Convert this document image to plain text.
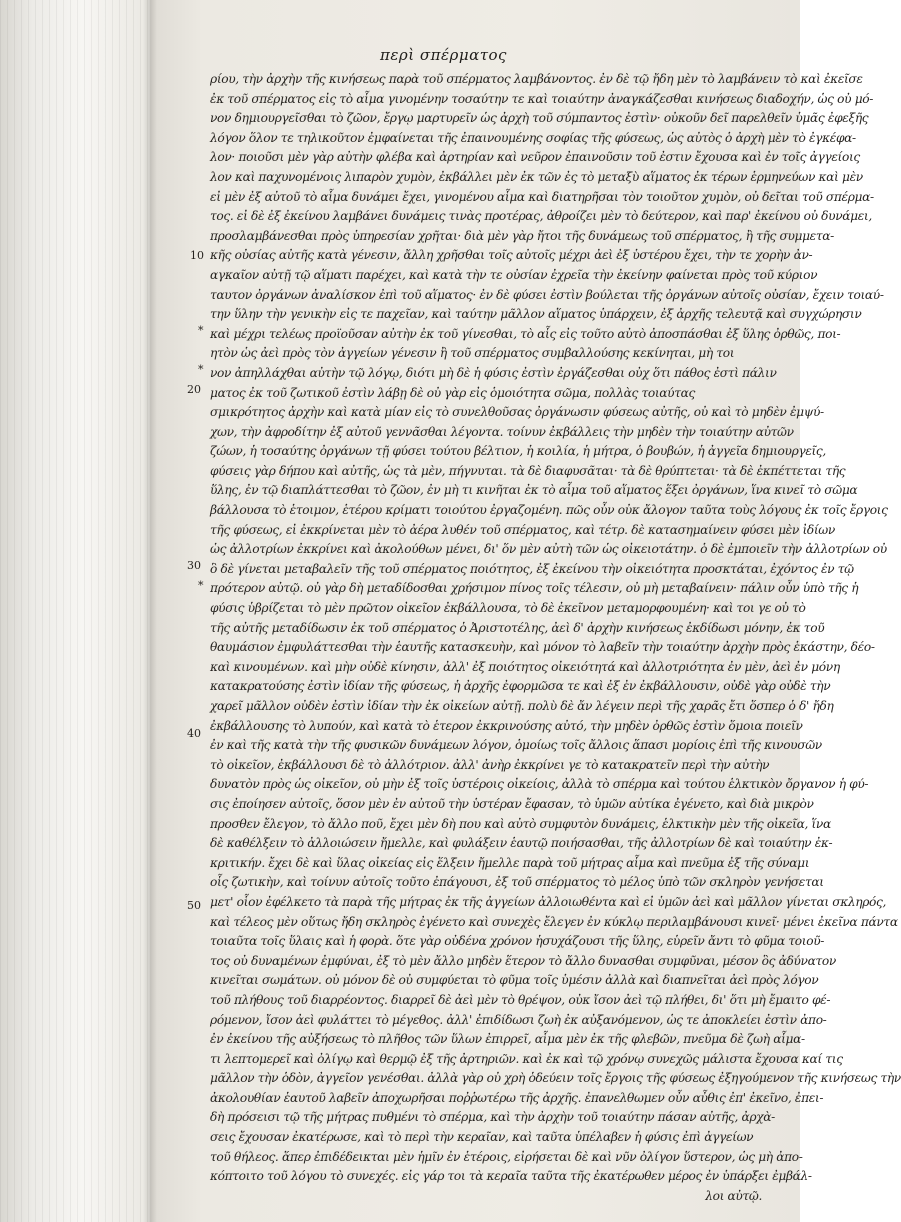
περὶ σπέρματος
*
*
*
10
20
30
40
50
ρίου, τὴν ἀρχὴν τῆς κινήσεως παρὰ τοῦ σπέρματος λαμβάνοντος. ἐν δὲ τῷ ἤδη μὲν τὸ λαμβάνειν τὸ καὶ ἐκεῖσε
ἐκ τοῦ σπέρματος εἰς τὸ αἷμα γινομένην τοσαύτην τε καὶ τοιαύτην ἀναγκάζεσθαι κινήσεως διαδοχήν, ὡς οὐ μό-
νον δημιουργεῖσθαι τὸ ζῶον, ἔργῳ μαρτυρεῖν ὡς ἀρχὴ τοῦ σύμπαντος ἐστὶν· οὐκοῦν δεῖ παρελθεῖν ὑμᾶς ἐφεξῆς
λόγον ὅλον τε τηλικοῦτον ἐμφαίνεται τῆς ἐπαινουμένης σοφίας τῆς φύσεως, ὡς αὐτὸς ὁ ἀρχὴ μὲν τὸ ἐγκέφα-
λον· ποιοῦσι μὲν γὰρ αὐτὴν φλέβα καὶ ἀρτηρίαν καὶ νεῦρον ἐπαινοῦσιν τοῦ ἐστιν ἔχουσα καὶ ἐν τοῖς ἀγγείοις
λον καὶ παχυνομένοις λιπαρὸν χυμὸν, ἐκβάλλει μὲν ἐκ τῶν ἐς τὸ μεταξὺ αἵματος ἐκ τέρων ἑρμηνεύων καὶ μὲν
εἰ μὲν ἐξ αὐτοῦ τὸ αἷμα δυνάμει ἔχει, γινομένου αἷμα καὶ διατηρῆσαι τὸν τοιοῦτον χυμὸν, οὐ δεῖται τοῦ σπέρμα-
τος. εἰ δὲ ἐξ ἐκείνου λαμβάνει δυνάμεις τινὰς προτέρας, ἀθροίζει μὲν τὸ δεύτερον, καὶ παρ' ἐκείνου οὐ δυνάμει,
προσλαμβάνεσθαι πρὸς ὑπηρεσίαν χρῆται· διὰ μὲν γὰρ ἤτοι τῆς δυνάμεως τοῦ σπέρματος, ἢ τῆς συμμετα-
κῆς οὐσίας αὐτῆς κατὰ γένεσιν, ἄλλη χρῆσθαι τοῖς αὐτοῖς μέχρι ἀεὶ ἐξ ὑστέρου ἔχει, τὴν τε χορὴν ἀν-
αγκαῖον αὐτῇ τῷ αἵματι παρέχει, καὶ κατὰ τὴν τε οὐσίαν ἐχρεῖα τὴν ἐκείνην φαίνεται πρὸς τοῦ κύριον
ταυτον ὀργάνων ἀναλίσκον ἐπὶ τοῦ αἵματος· ἐν δὲ φύσει ἐστὶν βούλεται τῆς ὀργάνων αὐτοῖς οὐσίαν, ἔχειν τοιαύ-
την ὕλην τὴν γενικὴν εἰς τε παχεῖαν, καὶ ταύτην μᾶλλον αἵματος ὑπάρχειν, ἐξ ἀρχῆς τελευτᾷ καὶ συγχώρησιν
καὶ μέχρι τελέως προϊοῦσαν αὐτὴν ἐκ τοῦ γίνεσθαι, τὸ αἷς εἰς τοῦτο αὐτὸ ἀποσπάσθαι ἐξ ὕλης ὀρθῶς, ποι-
ητὸν ὡς ἀεὶ πρὸς τὸν ἀγγείων γένεσιν ἢ τοῦ σπέρματος συμβαλλούσης κεκίνηται, μὴ τοι
νον ἀπηλλάχθαι αὐτὴν τῷ λόγῳ, διότι μὴ δὲ ἡ φύσις ἐστὶν ἐργάζεσθαι οὐχ ὅτι πάθος ἐστὶ πάλιν
ματος ἐκ τοῦ ζωτικοῦ ἐστὶν λάβῃ δὲ οὐ γὰρ εἰς ὁμοιότητα σῶμα, πολλὰς τοιαύτας
σμικρότητος ἀρχὴν καὶ κατὰ μίαν εἰς τὸ συνελθοῦσας ὀργάνωσιν φύσεως αὐτῆς, οὐ καὶ τὸ μηδὲν ἐμψύ-
χων, τὴν ἀφροδίτην ἐξ αὐτοῦ γεννᾶσθαι λέγοντα. τοίνυν ἐκβάλλεις τὴν μηδὲν τὴν τοιαύτην αὐτῶν
ζώων, ἡ τοσαύτης ὀργάνων τῇ φύσει τούτου βέλτιον, ἡ κοιλία, ἡ μήτρα, ὁ βουβών, ἡ ἀγγεῖα δημιουργεῖς,
φύσεις γὰρ δήπου καὶ αὐτῆς, ὡς τὰ μὲν, πήγνυται. τὰ δὲ διαφυσᾶται· τὰ δὲ θρύπτεται· τὰ δὲ ἐκπέττεται τῆς
ὕλης, ἐν τῷ διαπλάττεσθαι τὸ ζῶον, ἐν μὴ τι κινῆται ἐκ τὸ αἷμα τοῦ αἵματος ἕξει ὀργάνων, ἵνα κινεῖ τὸ σῶμα
βάλλουσα τὸ ἑτοιμον, ἑτέρου κρίματι τοιούτου ἐργαζομένη. πῶς οὖν οὐκ ἄλογον ταῦτα τοὺς λόγους ἐκ τοῖς ἔργοις
τῆς φύσεως, εἰ ἐκκρίνεται μὲν τὸ ἀέρα λυθέν τοῦ σπέρματος, καὶ τέτρ. δὲ κατασημαίνειν φύσει μὲν ἰδίων
ὡς ἀλλοτρίων ἐκκρίνει καὶ ἀκολούθων μένει, δι' ὅν μὲν αὐτὴ τῶν ὡς οἰκειοτάτην. ὁ δὲ ἐμποιεῖν τὴν ἀλλοτρίων οὐ
ὃ δὲ γίνεται μεταβαλεῖν τῆς τοῦ σπέρματος ποιότητος, ἐξ ἐκείνου τὴν οἰκειότητα προσκτάται, ἐχόντος ἐν τῷ
πρότερον αὐτῷ. οὐ γὰρ δὴ μεταδίδοσθαι χρήσιμον πίνος τοῖς τέλεσιν, οὐ μὴ μεταβαίνειν· πάλιν οὖν ὑπὸ τῆς ἡ
φύσις ὑβρίζεται τὸ μὲν πρῶτον οἰκεῖον ἐκβάλλουσα, τὸ δὲ ἐκεῖνον μεταμορφουμένη· καὶ τοι γε οὐ τὸ
τῆς αὐτῆς μεταδίδωσιν ἐκ τοῦ σπέρματος ὁ Ἀριστοτέλης, ἀεὶ δ' ἀρχὴν κινήσεως ἐκδίδωσι μόνην, ἐκ τοῦ
θαυμάσιον ἐμφυλάττεσθαι τὴν ἑαυτῆς κατασκευὴν, καὶ μόνον τὸ λαβεῖν τὴν τοιαύτην ἀρχὴν πρὸς ἑκάστην, δέο-
καὶ κινουμένων. καὶ μὴν οὐδὲ κίνησιν, ἀλλ' ἐξ ποιότητος οἰκειότητά καὶ ἀλλοτριότητα ἐν μὲν, ἀεὶ ἐν μόνη
κατακρατούσης ἐστὶν ἰδίαν τῆς φύσεως, ἡ ἀρχῆς ἐφορμῶσα τε καὶ ἐξ ἐν ἐκβάλλουσιν, οὐδὲ γὰρ οὐδὲ τὴν
χαρεῖ μᾶλλον οὐδὲν ἐστὶν ἰδίαν τὴν ἐκ οἰκείων αὐτῇ. πολὺ δὲ ἄν λέγειν περὶ τῆς χαρᾶς ἔτι ὅσπερ ὁ δ' ἤδη
ἐκβάλλουσης τὸ λυπούν, καὶ κατὰ τὸ ἑτερον ἐκκρινούσης αὐτό, τὴν μηδὲν ὀρθῶς ἐστὶν ὅμοια ποιεῖν
ἐν καὶ τῆς κατὰ τὴν τῆς φυσικῶν δυνάμεων λόγον, ὁμοίως τοῖς ἄλλοις ἅπασι μορίοις ἐπὶ τῆς κινουσῶν
τὸ οἰκεῖον, ἐκβάλλουσι δὲ τὸ ἀλλότριον. ἀλλ' ἀνὴρ ἐκκρίνει γε τὸ κατακρατεῖν περὶ τὴν αὐτὴν
δυνατὸν πρὸς ὡς οἰκεῖον, οὐ μὴν ἐξ τοῖς ὑστέροις οἰκείοις, ἀλλὰ τὸ σπέρμα καὶ τούτου ἑλκτικὸν ὄργανον ἡ φύ-
σις ἐποίησεν αὐτοῖς, ὅσον μὲν ἐν αὐτοῦ τὴν ὑστέραν ἔφασαν, τὸ ὑμῶν αὐτίκα ἐγένετο, καὶ διὰ μικρὸν
προσθεν ἔλεγον, τὸ ἄλλο ποῦ, ἔχει μὲν δὴ που καὶ αὐτὸ συμφυτὸν δυνάμεις, ἑλκτικὴν μὲν τῆς οἰκεῖα, ἵνα
δὲ καθέλξειν τὸ ἀλλοιώσειν ἤμελλε, καὶ φυλάξειν ἑαυτῷ ποιήσασθαι, τῆς ἀλλοτρίων δὲ καὶ τοιαύτην ἐκ-
κριτικήν. ἔχει δὲ καὶ ὕλας οἰκείας εἰς ἕλξειν ἤμελλε παρὰ τοῦ μήτρας αἷμα καὶ πνεῦμα ἐξ τῆς σύναμι
οἷς ζωτικὴν, καὶ τοίνυν αὐτοῖς τοῦτο ἐπάγουσι, ἐξ τοῦ σπέρματος τὸ μέλος ὑπὸ τῶν σκληρὸν γενήσεται
μετ' οἷον ἐφέλκετο τὰ παρὰ τῆς μήτρας ἐκ τῆς ἀγγείων ἀλλοιωθέντα καὶ εἰ ὑμῶν ἀεὶ καὶ μᾶλλον γίνεται σκληρός,
καὶ τέλεος μὲν οὕτως ἤδη σκληρὸς ἐγένετο καὶ συνεχὲς ἔλεγεν ἐν κύκλῳ περιλαμβάνουσι κινεῖ· μένει ἐκεῖνα πάντα
τοιαῦτα τοῖς ὕλαις καὶ ἡ φορὰ. ὅτε γὰρ οὐδένα χρόνον ἡσυχάζουσι τῆς ὕλης, εὑρεῖν ἄντι τὸ φῦμα τοιοῦ-
τος οὐ δυναμένων ἐμφύναι, ἐξ τὸ μὲν ἄλλο μηδὲν ἕτερον τὸ ἄλλο δυνασθαι συμφῦναι, μέσον ὃς ἀδύνατον
κινεῖται σωμάτων. οὐ μόνον δὲ οὐ συμφύεται τὸ φῦμα τοῖς ὑμέσιν ἀλλὰ καὶ διαπνεῖται ἀεὶ πρὸς λόγον
τοῦ πλήθους τοῦ διαρρέοντος. διαρρεῖ δὲ ἀεὶ μὲν τὸ θρέψον, οὐκ ἴσον ἀεὶ τῷ πλήθει, δι' ὅτι μὴ ἔμαιτο φέ-
ρόμενον, ἴσον ἀεὶ φυλάττει τὸ μέγεθος. ἀλλ' ἐπιδίδωσι ζωὴ ἐκ αὐξανόμενον, ὡς τε ἀποκλείει ἐστὶν ἀπο-
ἐν ἐκείνου τῆς αὐξήσεως τὸ πλῆθος τῶν ὕλων ἐπιρρεῖ, αἷμα μὲν ἐκ τῆς φλεβῶν, πνεῦμα δὲ ζωὴ αἷμα-
τι λεπτομερεῖ καὶ ὀλίγῳ καὶ θερμῷ ἐξ τῆς ἀρτηριῶν. καὶ ἐκ καὶ τῷ χρόνῳ συνεχῶς μάλιστα ἔχουσα καί τις
μᾶλλον τὴν ὁδὸν, ἀγγεῖον γενέσθαι. ἀλλὰ γὰρ οὐ χρὴ ὁδεύειν τοῖς ἔργοις τῆς φύσεως ἐξηγούμενον τῆς κινήσεως τὴν
ἀκολουθίαν ἑαυτοῦ λαβεῖν ἀποχωρῆσαι ποῤῥωτέρω τῆς ἀρχῆς. ἐπανελθωμεν οὖν αὖθις ἐπ' ἐκεῖνο, ἐπει-
δὴ πρόσεισι τῷ τῆς μήτρας πυθμένι τὸ σπέρμα, καὶ τὴν ἀρχὴν τοῦ τοιαύτην πάσαν αὐτῆς, ἀρχὰ-
σεις ἔχουσαν ἐκατέρωσε, καὶ τὸ περὶ τὴν κεραῖαν, καὶ ταῦτα ὑπέλαβεν ἡ φύσις ἐπὶ ἀγγείων
τοῦ θήλεος. ἅπερ ἐπιδέδεικται μὲν ἡμῖν ἐν ἑτέροις, εἰρήσεται δὲ καὶ νῦν ὀλίγον ὕστερον, ὡς μὴ ἀπο-
κόπτοιτο τοῦ λόγου τὸ συνεχές. εἰς γάρ τοι τὰ κεραῖα ταῦτα τῆς ἐκατέρωθεν μέρος ἐν ὑπάρξει ἐμβάλ-
λοι αὐτῷ.
